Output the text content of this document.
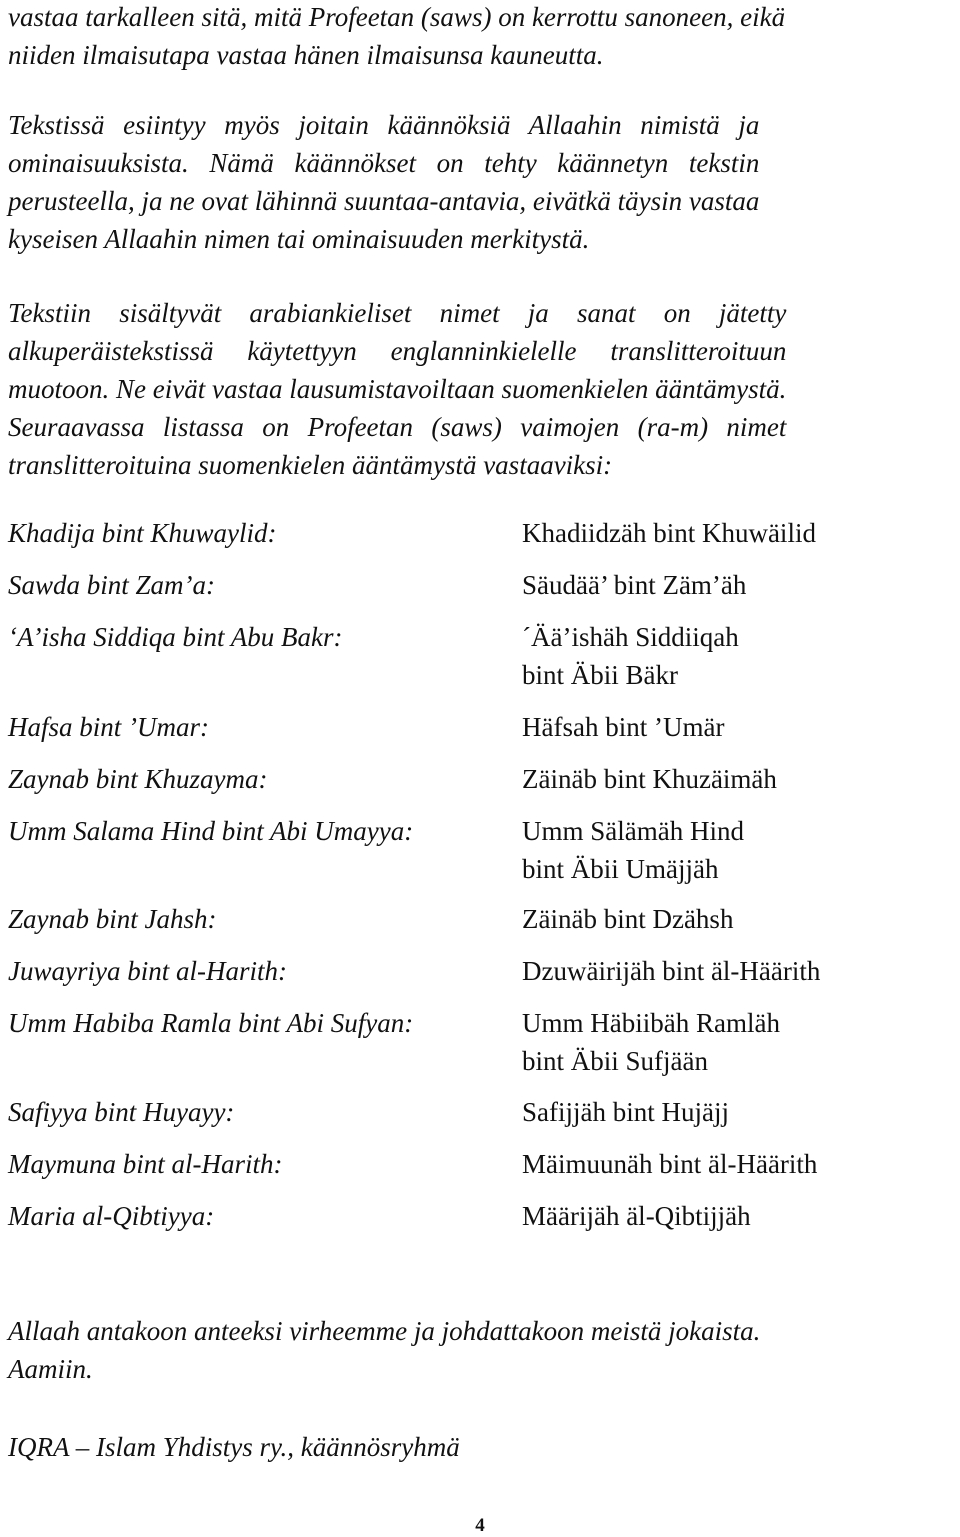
vastaa tarkalleen sitä, mitä Profeetan (saws) on kerrottu sanoneen, eikä
niiden ilmaisutapa vastaa hänen ilmaisunsa kauneutta.
Tekstissä esiintyy myös joitain käännöksiä Allaahin nimistä ja
ominaisuuksista. Nämä käännökset on tehty käännetyn tekstin
perusteella, ja ne ovat lähinnä suuntaa-antavia, eivätkä täysin vastaa
kyseisen Allaahin nimen tai ominaisuuden merkitystä.
Tekstiin sisältyvät arabiankieliset nimet ja sanat on jätetty
alkuperäistekstissä käytettyyn englanninkielelle translitteroituun
muotoon. Ne eivät vastaa lausumistavoiltaan suomenkielen ääntämystä.
Seuraavassa listassa on Profeetan (saws) vaimojen (ra-m) nimet
translitteroituina suomenkielen ääntämystä vastaaviksi:
Khadija bint Khuwaylid:	Khadiidzäh bint Khuwäilid
Sawda bint Zam’a:	Säudää’ bint Zäm’äh
‘A’isha Siddiqa bint Abu Bakr:	´Ää’ishäh Siddiiqah
bint Äbii Bäkr
Hafsa bint ’Umar:	Häfsah bint ’Umär
Zaynab bint Khuzayma:	Zäinäb bint Khuzäimäh
Umm Salama Hind bint Abi Umayya:	Umm Sälämäh Hind
bint Äbii Umäjjäh
Zaynab bint Jahsh:	Zäinäb bint Dzähsh
Juwayriya bint al-Harith:	Dzuwäirijäh bint äl-Häärith
Umm Habiba Ramla bint Abi Sufyan:	Umm Häbiibäh Ramläh
bint Äbii Sufjään
Safiyya bint Huyayy:	Safijjäh bint Hujäjj
Maymuna bint al-Harith:	Mäimuunäh bint äl-Häärith
Maria al-Qibtiyya:	Määrijäh äl-Qibtijjäh
Allaah antakoon anteeksi virheemme ja johdattakoon meistä jokaista.
Aamiin.
IQRA – Islam Yhdistys ry., käännösryhmä
4
